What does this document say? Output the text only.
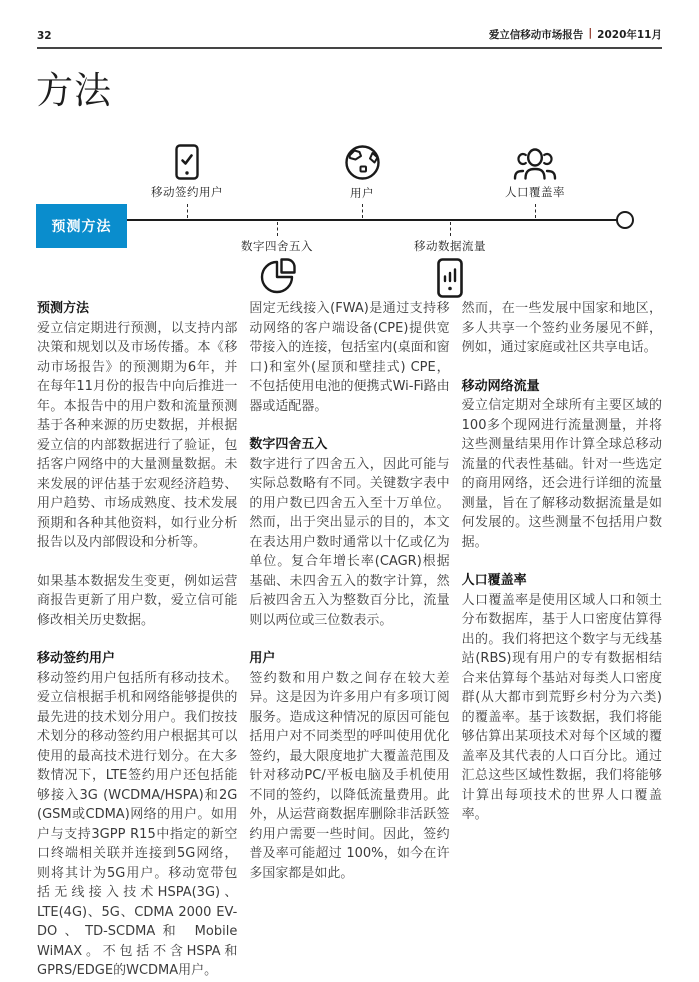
32	爱立信移动市场报告 | 2020年11月
方法
预测方法
移动签约用户	用户	人口覆盖率
数字四舍五入	移动数据流量
预测方法
爱立信定期进行预测，以支持内部决策和规划以及市场传播。本《移动市场报告》的预测期为6年，并在每年11月份的报告中向后推进一年。本报告中的用户数和流量预测基于各种来源的历史数据，并根据爱立信的内部数据进行了验证，包括客户网络中的大量测量数据。未来发展的评估基于宏观经济趋势、用户趋势、市场成熟度、技术发展预期和各种其他资料，如行业分析报告以及内部假设和分析等。
如果基本数据发生变更，例如运营商报告更新了用户数，爱立信可能修改相关历史数据。
移动签约用户
移动签约用户包括所有移动技术。爱立信根据手机和网络能够提供的最先进的技术划分用户。我们按技术划分的移动签约用户根据其可以使用的最高技术进行划分。在大多数情况下，LTE签约用户还包括能够接入3G (WCDMA/HSPA)和2G (GSM或CDMA)网络的用户。如用户与支持3GPP R15中指定的新空口终端相关联并连接到5G网络，则将其计为5G用户。移动宽带包括无线接入技术HSPA(3G)、LTE(4G)、5G、CDMA 2000 EV-DO、TD-SCDMA和 Mobile WiMAX。不包括不含HSPA和GPRS/EDGE的WCDMA用户。
固定无线接入(FWA)是通过支持移动网络的客户端设备(CPE)提供宽带接入的连接，包括室内(桌面和窗口)和室外(屋顶和壁挂式) CPE，不包括使用电池的便携式Wi-Fi路由器或适配器。
数字四舍五入
数字进行了四舍五入，因此可能与实际总数略有不同。关键数字表中的用户数已四舍五入至十万单位。然而，出于突出显示的目的，本文在表达用户数时通常以十亿或亿为单位。复合年增长率(CAGR)根据基础、未四舍五入的数字计算，然后被四舍五入为整数百分比，流量则以两位或三位数表示。
用户
签约数和用户数之间存在较大差异。这是因为许多用户有多项订阅服务。造成这种情况的原因可能包括用户对不同类型的呼叫使用优化签约，最大限度地扩大覆盖范围及针对移动PC/平板电脑及手机使用不同的签约，以降低流量费用。此外，从运营商数据库删除非活跃签约用户需要一些时间。因此，签约普及率可能超过 100%，如今在许多国家都是如此。
然而，在一些发展中国家和地区，多人共享一个签约业务屡见不鲜，例如，通过家庭或社区共享电话。
移动网络流量
爱立信定期对全球所有主要区域的100多个现网进行流量测量，并将这些测量结果用作计算全球总移动流量的代表性基础。针对一些选定的商用网络，还会进行详细的流量测量，旨在了解移动数据流量是如何发展的。这些测量不包括用户数据。
人口覆盖率
人口覆盖率是使用区域人口和领土分布数据库，基于人口密度估算得出的。我们将把这个数字与无线基站(RBS)现有用户的专有数据相结合来估算每个基站对每类人口密度群(从大都市到荒野乡村分为六类)的覆盖率。基于该数据，我们将能够估算出某项技术对每个区域的覆盖率及其代表的人口百分比。通过汇总这些区域性数据，我们将能够计算出每项技术的世界人口覆盖率。
